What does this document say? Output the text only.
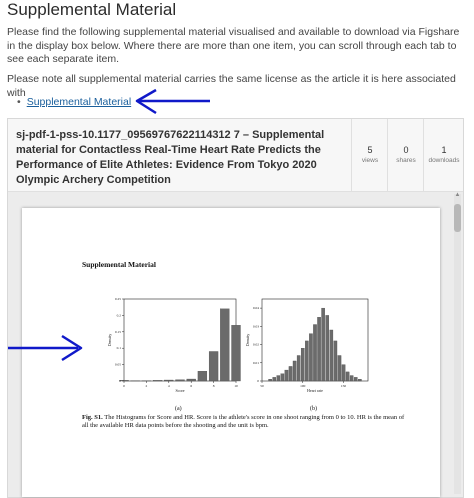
Supplemental Material
Please find the following supplemental material visualised and available to download via Figshare in the display box below. Where there are more than one item, you can scroll through each tab to see each separate item.
Please note all supplemental material carries the same license as the article it is here associated with
• Supplemental Material
sj-pdf-1-pss-10.1177_09569767622114312 7 – Supplemental material for Contactless Real-Time Heart Rate Predicts the Performance of Elite Athletes: Evidence From Tokyo 2020 Olympic Archery Competition
5
views
0
shares
1
downloads
Supplemental Material
0	2	4	6	8	10
0
0.05
0.1
0.15
0.2
0.25
Score
Density
50	100	150
0
0.01
0.02
0.03
0.04
Heart rate
Density
(a)	(b)
Fig. S1. The Histograms for Score and HR. Score is the athlete's score in one shoot ranging from 0 to 10. HR is the mean of all the available HR data points before the shooting and the unit is bpm.
▲
